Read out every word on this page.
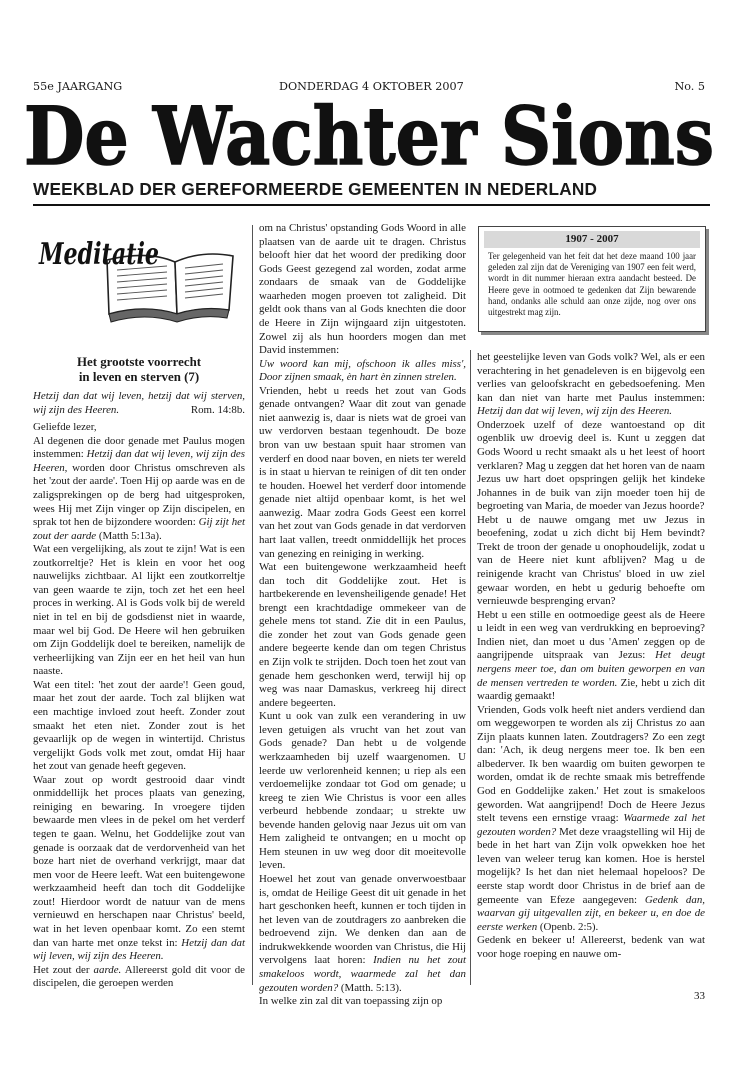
55e JAARGANG	DONDERDAG 4 OKTOBER 2007	No. 5
De Wachter Sions
WEEKBLAD DER GEREFORMEERDE GEMEENTEN IN NEDERLAND
Meditatie
Het grootste voorrecht
in leven en sterven (7)

Hetzij dan dat wij leven, hetzij dat wij sterven, wij zijn des Heeren.	Rom. 14:8b.

Geliefde lezer,

Al degenen die door genade met Paulus mogen instemmen: Hetzij dan dat wij leven, wij zijn des Heeren, worden door Christus omschreven als het 'zout der aarde'. Toen Hij op aarde was en de zaligsprekingen op de berg had uitgesproken, wees Hij met Zijn vinger op Zijn discipelen, en sprak tot hen de bijzondere woorden: Gij zijt het zout der aarde (Matth 5:13a).

Wat een vergelijking, als zout te zijn! Wat is een zoutkorreltje? Het is klein en voor het oog nauwelijks zichtbaar. Al lijkt een zoutkorreltje van geen waarde te zijn, toch zet het een heel proces in werking. Al is Gods volk bij de wereld niet in tel en bij de godsdienst niet in waarde, maar wel bij God. De Heere wil hen gebruiken om Zijn Goddelijk doel te bereiken, namelijk de verheerlijking van Zijn eer en het heil van hun naaste.

Wat een titel: 'het zout der aarde'! Geen goud, maar het zout der aarde. Toch zal blijken wat een machtige invloed zout heeft. Zonder zout smaakt het eten niet. Zonder zout is het gevaarlijk op de wegen in wintertijd. Christus vergelijkt Gods volk met zout, omdat Hij haar het zout van genade heeft gegeven.

Waar zout op wordt gestrooid daar vindt onmiddellijk het proces plaats van genezing, reiniging en bewaring. In vroegere tijden bewaarde men vlees in de pekel om het verderf tegen te gaan. Welnu, het Goddelijke zout van genade is oorzaak dat de verdorvenheid van het boze hart niet de overhand verkrijgt, maar dat men voor de Heere leeft. Wat een buitengewone werkzaamheid heeft dan toch dit Goddelijke zout! Hierdoor wordt de natuur van de mens vernieuwd en herschapen naar Christus' beeld, wat in het leven openbaar komt. Zo een stemt dan van harte met onze tekst in: Hetzij dan dat wij leven, wij zijn des Heeren.

Het zout der aarde. Allereerst gold dit voor de discipelen, die geroepen werden

om na Christus' opstanding Gods Woord in alle plaatsen van de aarde uit te dragen. Christus belooft hier dat het woord der prediking door Gods Geest gezegend zal worden, zodat arme zondaars de smaak van de Goddelijke waarheden mogen proeven tot zaligheid. Dit geldt ook thans van al Gods knechten die door de Heere in Zijn wijngaard zijn uitgestoten. Zowel zij als hun hoorders mogen dan met David instemmen:

Uw woord kan mij, ofschoon ik alles miss', Door zijnen smaak, èn hart èn zinnen strelen.

Vrienden, hebt u reeds het zout van Gods genade ontvangen? Waar dit zout van genade niet aanwezig is, daar is niets wat de groei van uw verdorven bestaan tegenhoudt. De boze bron van uw bestaan spuit haar stromen van verderf en dood naar boven, en niets ter wereld is in staat u hiervan te reinigen of dit ten onder te houden. Hoewel het verderf door intomende genade niet altijd openbaar komt, is het wel aanwezig. Maar zodra Gods Geest een korrel van het zout van Gods genade in dat verdorven hart laat vallen, treedt onmiddellijk het proces van genezing en reiniging in werking.

Wat een buitengewone werkzaamheid heeft dan toch dit Goddelijke zout. Het is hartbekerende en levensheiligende genade! Het brengt een krachtdadige ommekeer van de gehele mens tot stand. Zie dit in een Paulus, die zonder het zout van Gods genade geen andere begeerte kende dan om tegen Christus en Zijn volk te strijden. Doch toen het zout van genade hem geschonken werd, terwijl hij op weg was naar Damaskus, verkreeg hij direct andere begeerten.

Kunt u ook van zulk een verandering in uw leven getuigen als vrucht van het zout van Gods genade? Dan hebt u de volgende werkzaamheden bij uzelf waargenomen. U leerde uw verlorenheid kennen; u riep als een verdoemelijke zondaar tot God om genade; u kreeg te zien Wie Christus is voor een alles verbeurd hebbende zondaar; u strekte uw bevende handen gelovig naar Jezus uit om van Hem zaligheid te ontvangen; en u mocht op Hem steunen in uw weg door dit moeitevolle leven.

Hoewel het zout van genade onverwoestbaar is, omdat de Heilige Geest dit uit genade in het hart geschonken heeft, kunnen er toch tijden in het leven van de zoutdragers zo aanbreken die bedroevend zijn. We denken dan aan de indrukwekkende woorden van Christus, die Hij vervolgens laat horen: Indien nu het zout smakeloos wordt, waarmede zal het dan gezouten worden? (Matth. 5:13).

In welke zin zal dit van toepassing zijn op

1907 - 2007
Ter gelegenheid van het feit dat het deze maand 100 jaar geleden zal zijn dat de Vereniging van 1907 een feit werd, wordt in dit nummer hieraan extra aandacht besteed. De Heere geve in ootmoed te gedenken dat Zijn bewarende hand, ondanks alle schuld aan onze zijde, nog over ons uitgestrekt mag zijn.

het geestelijke leven van Gods volk? Wel, als er een verachtering in het genadeleven is en bijgevolg een verlies van geloofskracht en gebedsoefening. Men kan dan niet van harte met Paulus instemmen: Hetzij dan dat wij leven, wij zijn des Heeren.

Onderzoek uzelf of deze wantoestand op dit ogenblik uw droevig deel is. Kunt u zeggen dat Gods Woord u recht smaakt als u het leest of hoort verklaren? Mag u zeggen dat het horen van de naam Jezus uw hart doet opspringen gelijk het kindeke Johannes in de buik van zijn moeder toen hij de begroeting van Maria, de moeder van Jezus hoorde?

Hebt u de nauwe omgang met uw Jezus in beoefening, zodat u zich dicht bij Hem bevindt? Trekt de troon der genade u onophoudelijk, zodat u van de Heere niet kunt afblijven? Mag u de reinigende kracht van Christus' bloed in uw ziel gewaar worden, en hebt u gedurig behoefte om vernieuwde besprenging ervan?

Hebt u een stille en ootmoedige geest als de Heere u leidt in een weg van verdrukking en beproeving? Indien niet, dan moet u dus 'Amen' zeggen op de aangrijpende uitspraak van Jezus: Het deugt nergens meer toe, dan om buiten geworpen en van de mensen vertreden te worden. Zie, hebt u zich dit waardig gemaakt!

Vrienden, Gods volk heeft niet anders verdiend dan om weggeworpen te worden als zij Christus zo aan Zijn plaats kunnen laten. Zoutdragers? Zo een zegt dan: 'Ach, ik deug nergens meer toe. Ik ben een albederver. Ik ben waardig om buiten geworpen te worden, omdat ik de rechte smaak mis betreffende God en Goddelijke zaken.' Het zout is smakeloos geworden. Wat aangrijpend! Doch de Heere Jezus stelt tevens een ernstige vraag: Waarmede zal het gezouten worden? Met deze vraagstelling wil Hij de bede in het hart van Zijn volk opwekken hoe het leven van weleer terug kan komen. Hoe is herstel mogelijk? Is het dan niet helemaal hopeloos? De eerste stap wordt door Christus in de brief aan de gemeente van Efeze aangegeven: Gedenk dan, waarvan gij uitgevallen zijt, en bekeer u, en doe de eerste werken (Openb. 2:5).

Gedenk en bekeer u! Allereerst, bedenk van wat voor hoge roeping en nauwe om-

33
